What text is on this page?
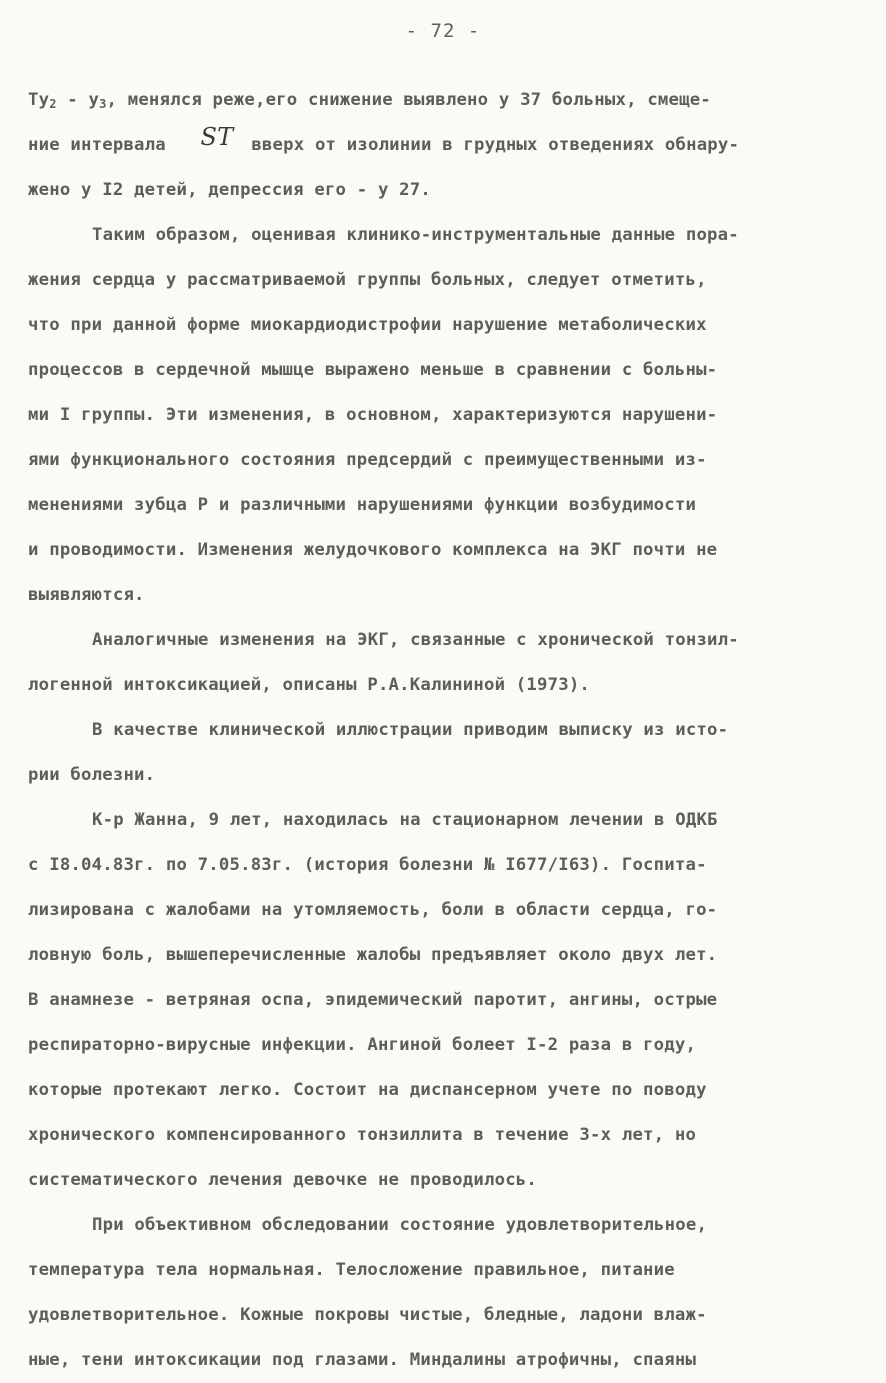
- 72 -
$Ту_2 - у_3$, менялся реже,его снижение выявлено у 37 больных, смеще-
ние интервала ST вверх от изолинии в грудных отведениях обнару-
жено у I2 детей, депрессия его - у 27.
Таким образом, оценивая клинико-инструментальные данные пора-
жения сердца у рассматриваемой группы больных, следует отметить,
что при данной форме миокардиодистрофии нарушение метаболических
процессов в сердечной мышце выражено меньше в сравнении с больны-
ми I группы. Эти изменения, в основном, характеризуются нарушени-
ями функционального состояния предсердий с преимущественными из-
менениями зубца Р и различными нарушениями функции возбудимости
и проводимости. Изменения желудочкового комплекса на ЭКГ почти не
выявляются.
Аналогичные изменения на ЭКГ, связанные с хронической тонзил-
логенной интоксикацией, описаны Р.А.Калининой (1973).
В качестве клинической иллюстрации приводим выписку из исто-
рии болезни.
К-р Жанна, 9 лет, находилась на стационарном лечении в ОДКБ
с I8.04.83г. по 7.05.83г. (история болезни № I677/I63). Госпита-
лизирована с жалобами на утомляемость, боли в области сердца, го-
ловную боль, вышеперечисленные жалобы предъявляет около двух лет.
В анамнезе - ветряная оспа, эпидемический паротит, ангины, острые
респираторно-вирусные инфекции. Ангиной болеет I-2 раза в году,
которые протекают легко. Состоит на диспансерном учете по поводу
хронического компенсированного тонзиллита в течение 3-х лет, но
систематического лечения девочке не проводилось.
При объективном обследовании состояние удовлетворительное,
температура тела нормальная. Телосложение правильное, питание
удовлетворительное. Кожные покровы чистые, бледные, ладони влаж-
ные, тени интоксикации под глазами. Миндалины атрофичны, спаяны
